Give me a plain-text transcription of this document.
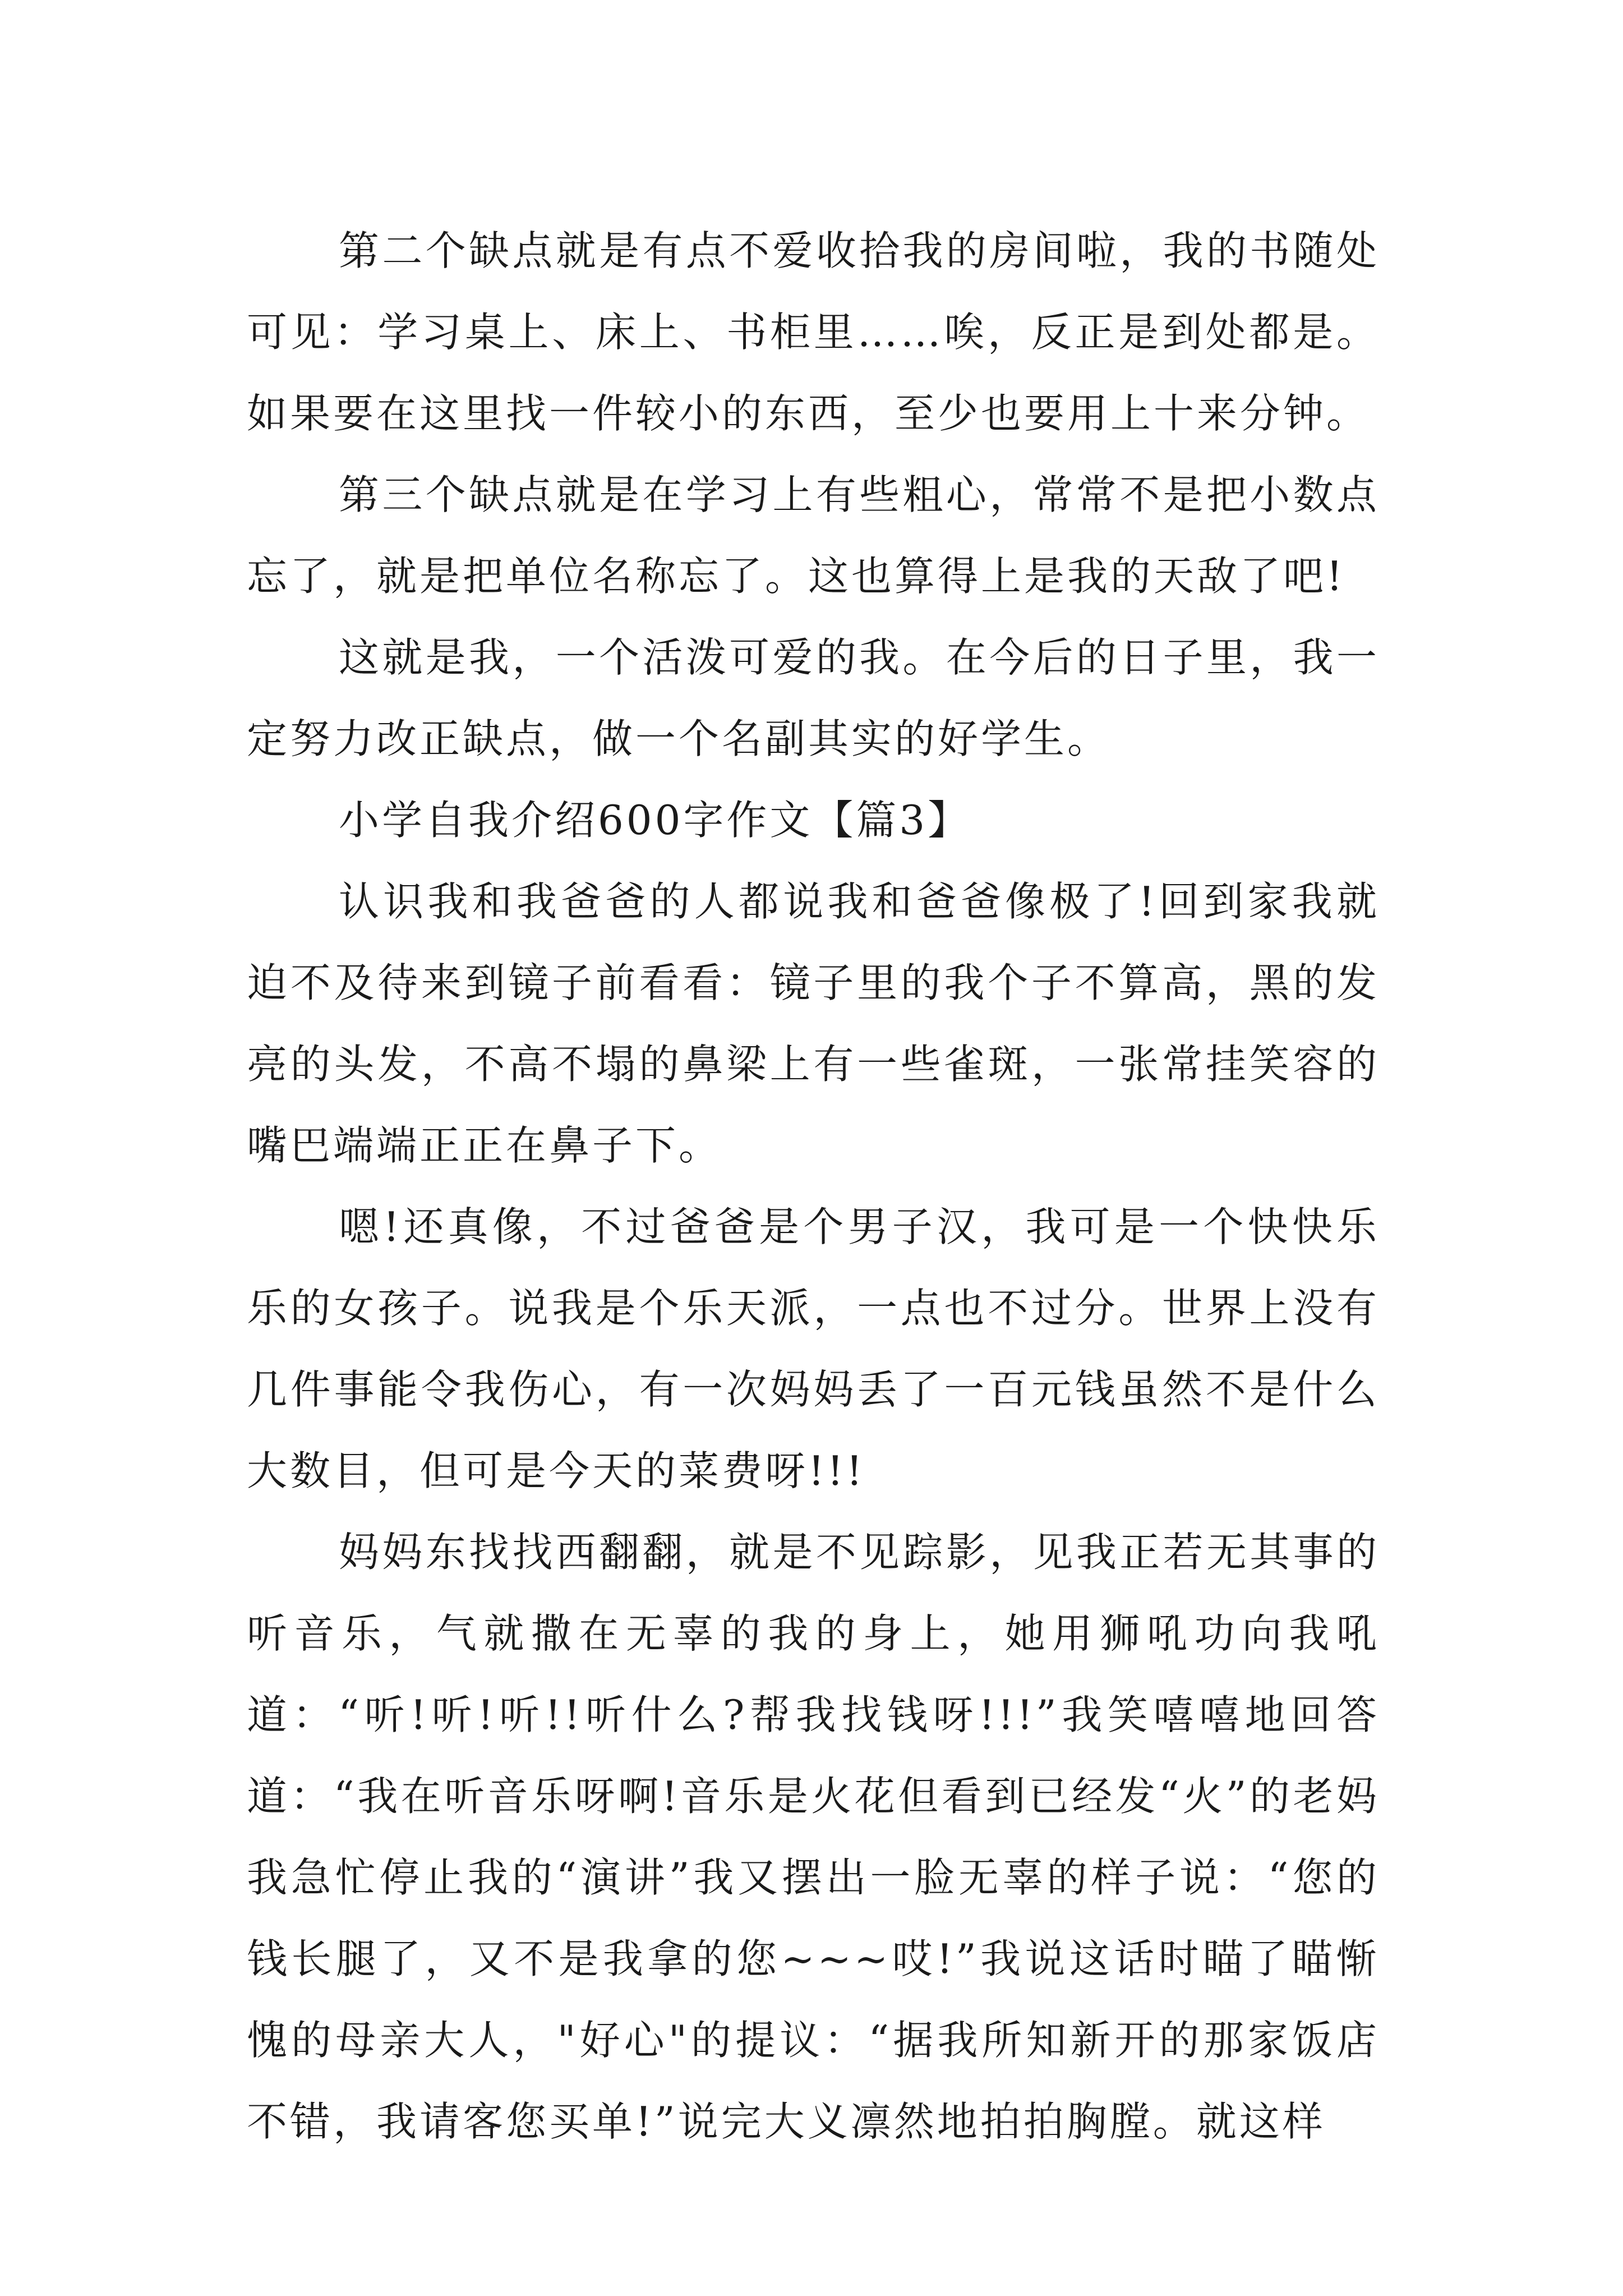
第二个缺点就是有点不爱收拾我的房间啦，我的书随处可见：学习桌上、床上、书柜里……唉，反正是到处都是。如果要在这里找一件较小的东西，至少也要用上十来分钟。

第三个缺点就是在学习上有些粗心，常常不是把小数点忘了，就是把单位名称忘了。这也算得上是我的天敌了吧!

这就是我，一个活泼可爱的我。在今后的日子里，我一定努力改正缺点，做一个名副其实的好学生。

小学自我介绍600字作文【篇3】

认识我和我爸爸的人都说我和爸爸像极了!回到家我就迫不及待来到镜子前看看：镜子里的我个子不算高，黑的发亮的头发，不高不塌的鼻梁上有一些雀斑，一张常挂笑容的嘴巴端端正正在鼻子下。

嗯!还真像，不过爸爸是个男子汉，我可是一个快快乐乐的女孩子。说我是个乐天派，一点也不过分。世界上没有几件事能令我伤心，有一次妈妈丢了一百元钱虽然不是什么大数目，但可是今天的菜费呀!!!

妈妈东找找西翻翻，就是不见踪影，见我正若无其事的听音乐，气就撒在无辜的我的身上，她用狮吼功向我吼道：“听!听!听!!听什么?帮我找钱呀!!!”我笑嘻嘻地回答道：“我在听音乐呀啊!音乐是火花但看到已经发“火”的老妈我急忙停止我的“演讲”我又摆出一脸无辜的样子说：“您的钱长腿了，又不是我拿的您~~~哎!”我说这话时瞄了瞄惭愧的母亲大人，"好心"的提议：“据我所知新开的那家饭店不错，我请客您买单!”说完大义凛然地拍拍胸膛。就这样
